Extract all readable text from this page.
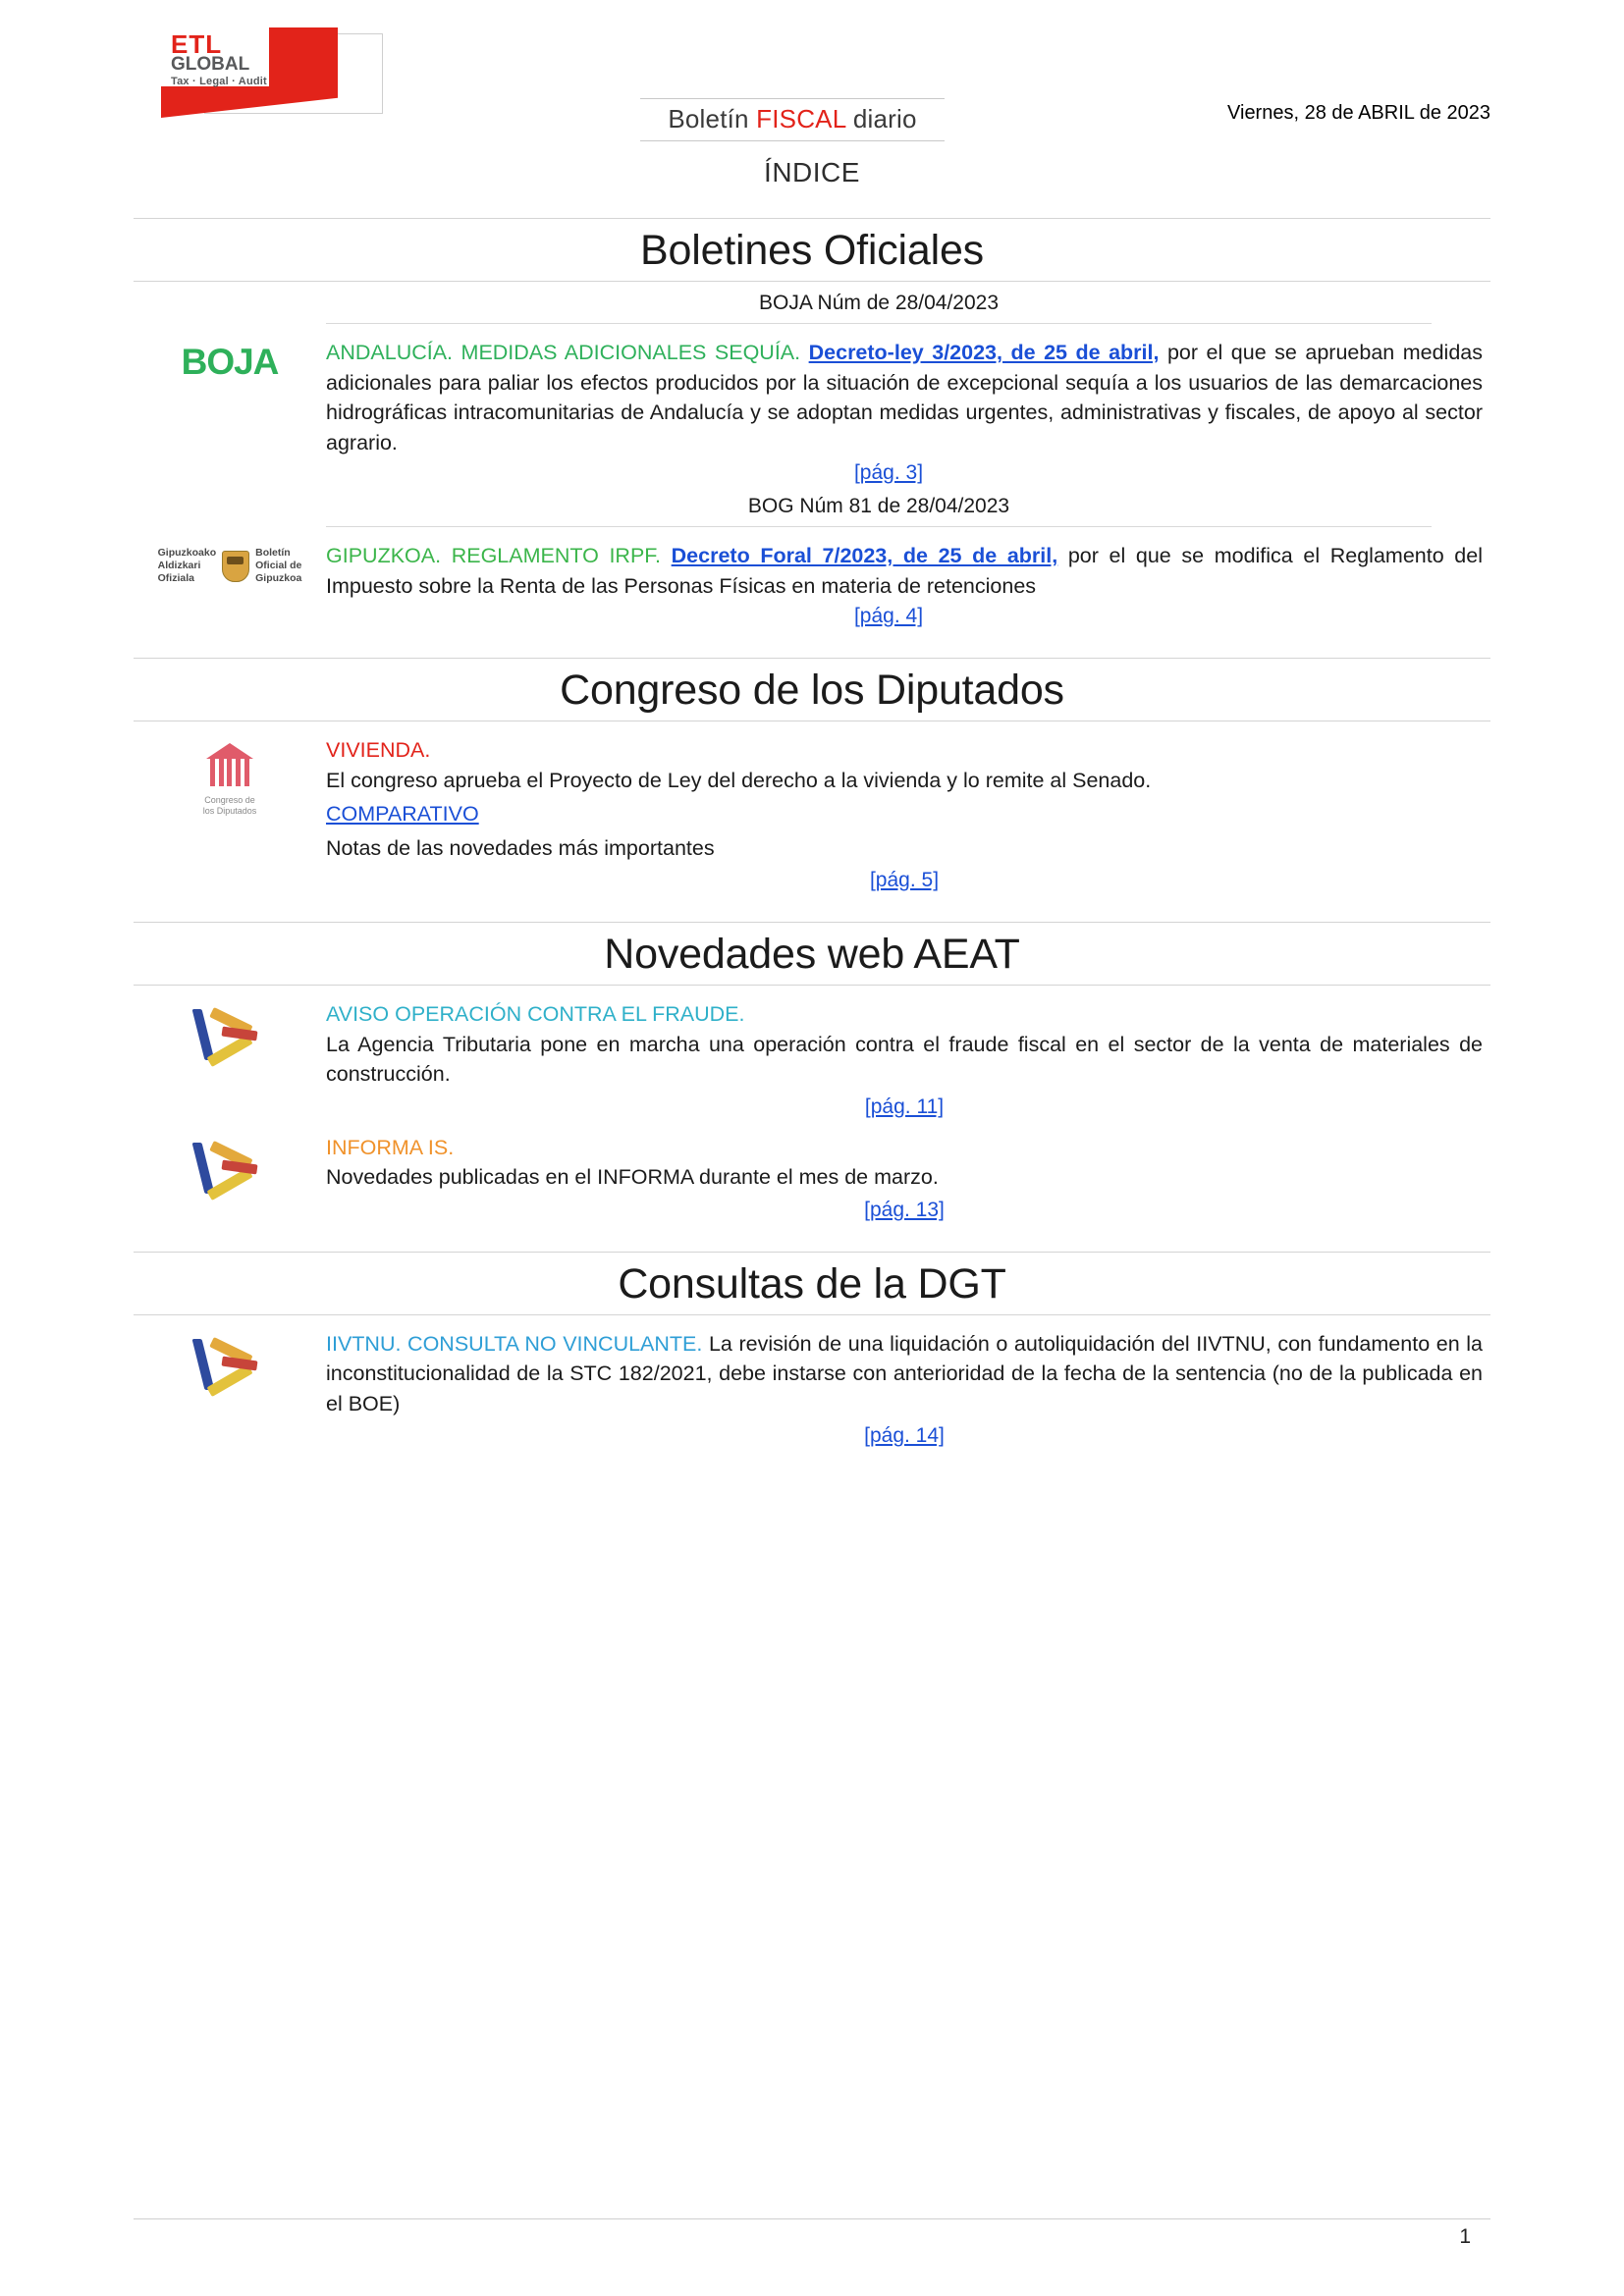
ETL
GLOBAL
Tax · Legal · Audit
Boletín FISCAL diario	Viernes, 28 de ABRIL de 2023
ÍNDICE
Boletines Oficiales
BOJA Núm de 28/04/2023
BOJA	ANDALUCÍA. MEDIDAS ADICIONALES SEQUÍA. Decreto-ley 3/2023, de 25 de abril, por el que se aprueban medidas adicionales para paliar los efectos producidos por la situación de excepcional sequía a los usuarios de las demarcaciones hidrográficas intracomunitarias de Andalucía y se adoptan medidas urgentes, administrativas y fiscales, de apoyo al sector agrario.
[pág. 3]
BOG Núm 81 de 28/04/2023
Gipuzkoako
Aldizkari
Ofiziala
Boletín
Oficial de
Gipuzkoa
GIPUZKOA. REGLAMENTO IRPF. Decreto Foral 7/2023, de 25 de abril, por el que se modifica el Reglamento del Impuesto sobre la Renta de las Personas Físicas en materia de retenciones
[pág. 4]
Congreso de los Diputados
Congreso de
los Diputados
VIVIENDA.
El congreso aprueba el Proyecto de Ley del derecho a la vivienda y lo remite al Senado.
COMPARATIVO
Notas de las novedades más importantes
[pág. 5]
Novedades web AEAT
AVISO OPERACIÓN CONTRA EL FRAUDE.
La Agencia Tributaria pone en marcha una operación contra el fraude fiscal en el sector de la venta de materiales de construcción.
[pág. 11]
INFORMA IS.
Novedades publicadas en el INFORMA durante el mes de marzo.
[pág. 13]
Consultas de la DGT
IIVTNU. CONSULTA NO VINCULANTE. La revisión de una liquidación o autoliquidación del IIVTNU, con fundamento en la inconstitucionalidad de la STC 182/2021, debe instarse con anterioridad de la fecha de la sentencia (no de la publicada en el BOE)
[pág. 14]
1
